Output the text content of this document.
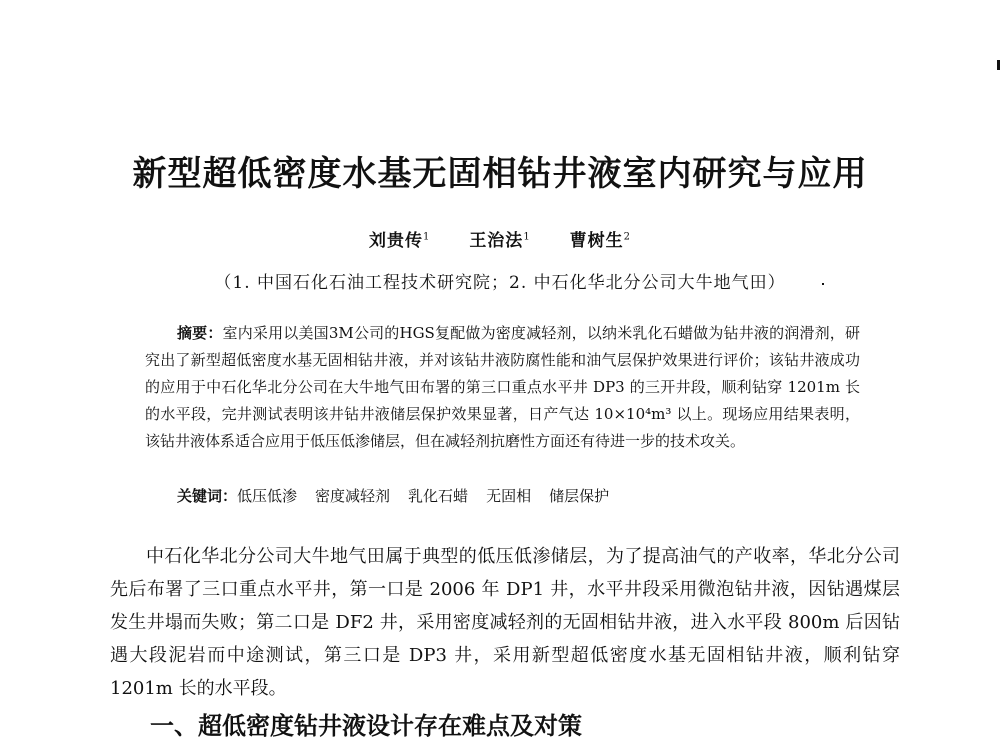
新型超低密度水基无固相钻井液室内研究与应用
刘贵传$^1$ 王治法$^1$ 曹树生$^2$
（1. 中国石化石油工程技术研究院；2. 中石化华北分公司大牛地气田）

摘要：室内采用以美国3M公司的HGS复配做为密度减轻剂，以纳米乳化石蜡做为钻井液的润滑剂，研究出了新型超低密度水基无固相钻井液，并对该钻井液防腐性能和油气层保护效果进行评价；该钻井液成功的应用于中石化华北分公司在大牛地气田布署的第三口重点水平井 DP3 的三开井段，顺利钻穿 1201m 长的水平段，完井测试表明该井钻井液储层保护效果显著，日产气达 10×10⁴m³ 以上。现场应用结果表明，该钻井液体系适合应用于低压低渗储层，但在减轻剂抗磨性方面还有待进一步的技术攻关。

关键词：低压低渗 密度减轻剂 乳化石蜡 无固相 储层保护

中石化华北分公司大牛地气田属于典型的低压低渗储层，为了提高油气的产收率，华北分公司先后布署了三口重点水平井，第一口是 2006 年 DP1 井，水平井段采用微泡钻井液，因钻遇煤层发生井塌而失败；第二口是 DF2 井，采用密度减轻剂的无固相钻井液，进入水平段 800m 后因钻遇大段泥岩而中途测试，第三口是 DP3 井，采用新型超低密度水基无固相钻井液，顺利钻穿 1201m 长的水平段。

一、超低密度钻井液设计存在难点及对策
